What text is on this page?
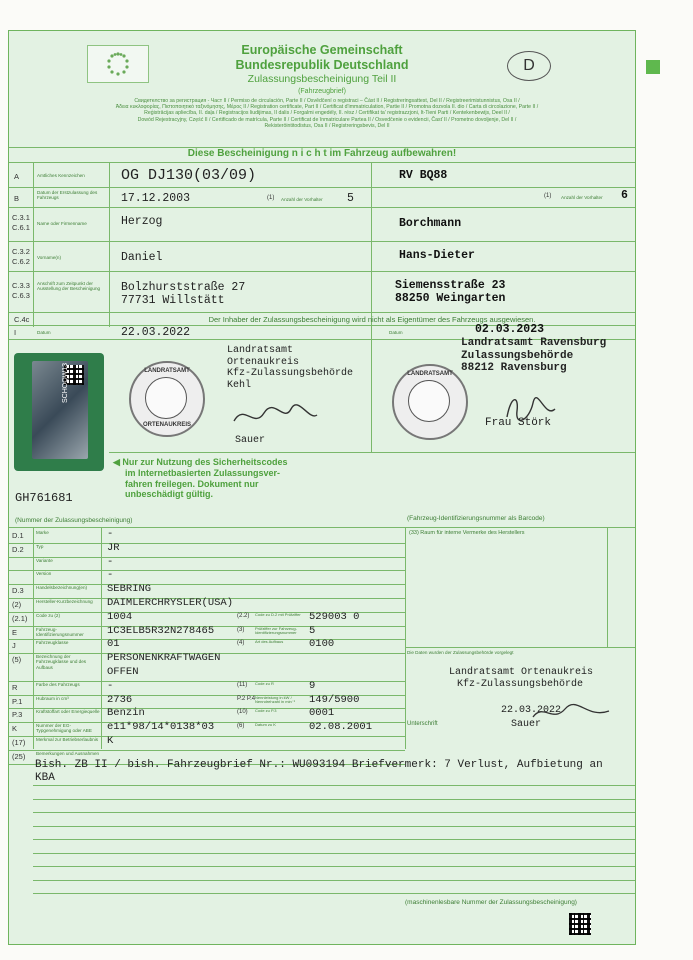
Europäische Gemeinschaft
Bundesrepublik Deutschland
Zulassungsbescheinigung Teil II
(Fahrzeugbrief)
D
Свидетелство за регистрация - Част II / Permiso de circulación, Parte II / Osvědčení o registraci – Část II / Registreringsattest, Del II / Registreerimistunnistus, Osa II /
Άδεια κυκλοφορίας, Πιστοποιητικό ταξινόμησης, Μέρος II / Registration certificate, Part II / Certificat d'immatriculation, Partie II / Promotna dozvola II. dio / Carta di circolazione, Parte II /
Reģistrācijas apliecība, II. daļa / Registracijos liudijimas, II dalis / Forgalmi engedély, II. rész / Certifikat ta' registrazzjoni, It-Tieni Parti / Kentekenbewijs, Deel II /
Dowód Rejestracyjny, Część II / Certificado de matrícula, Parte II / Certificat de înmatriculare Partea II / Osvedčenie o evidencii, Časť II / Prometno dovoljenje, Del II /
Rekisteröintitodistus, Osa II / Registreringsbevis, Del II
Diese Bescheinigung n i c h t im Fahrzeug aufbewahren!
A	Amtliches Kennzeichen	OG DJ130(03/09)	RV BQ88
B
Datum der Erstzulassung des Fahrzeugs	17.12.2003	(1) Anzahl der Vorhalter 5	(1) Anzahl der Vorhalter 6
C.3.1 C.6.1	Name oder Firmenname	Herzog	Borchmann
C.3.2 C.6.2	Vorname(n)	Daniel	Hans-Dieter
C.3.3 C.6.3
Anschrift zum Zeitpunkt der Ausstellung der Bescheinigung	Bolzhurststraße 27
77731 Willstätt
Siemensstraße 23
88250 Weingarten
C.4c	Der Inhaber der Zulassungsbescheinigung wird nicht als Eigentümer des Fahrzeugs ausgewiesen.
I	Datum	22.03.2022	Datum	02.03.2023
LANDRATSAMT
ORTENAUKREIS
Landratsamt
Ortenaukreis
Kfz-Zulassungsbehörde
Kehl
Sauer
LANDRATSAMT
Landratsamt Ravensburg
Zulassungsbehörde
88212 Ravensburg
Frau Störk
SCHOQW13
◀ Nur zur Nutzung des Sicherheitscodes
im Internetbasierten Zulassungsver-
fahren freilegen. Dokument nur
unbeschädigt gültig.
GH761681
(Nummer der Zulassungsbescheinigung)	(Fahrzeug-Identifizierungsnummer als Barcode)
D.1	Marke	-
D.2	Typ	JR
Variante	-
Version	-
D.3	Handelsbezeichnung(en)	SEBRING
(2)	Hersteller-Kurzbezeichnung	DAIMLERCHRYSLER(USA)
(2.1) Code zu (2)	1004	(2.2) Code zu D.2 mit Prüfziffer 529003 0
E	Fahrzeug-Identifizierungsnummer	1C3ELB5R32N278465	(3)	Prüfziffer zur Fahrzeug-Identifizierungsnummer	5
J	Fahrzeugklasse	01	(4)	Art des Aufbaus	0100
(5)	Bezeichnung der Fahrzeugklasse und des Aufbaus
PERSONENKRAFTWAGEN
OFFEN
R	Farbe des Fahrzeugs	-	(11) Code zu R	9
P.1	Hubraum in cm³	2736	P.2 P.4 Nennleistung in kW / Nenndrehzahl in min⁻¹	149/5900
P.3	Kraftstoffart oder Energiequelle Benzin	(10) Code zu P.3	0001
K	Nummer der EG-Typgenehmigung oder ABE	e11*98/14*0138*03	(6)	Datum zu K	02.08.2001
(17) Merkmal zur Betriebserlaubnis K
(25) Bemerkungen und Ausnahmen
(33) Raum für interne Vermerke des Herstellers
Die Daten wurden der Zulassungsbehörde vorgelegt
Landratsamt Ortenaukreis
Kfz-Zulassungsbehörde
22.03.2022
Sauer
Unterschrift
Bish. ZB II / bish. Fahrzeugbrief Nr.: WU093194 Briefvermerk: 7 Verlust, Aufbietung an
KBA
(maschinenlesbare Nummer der Zulassungsbescheinigung)
